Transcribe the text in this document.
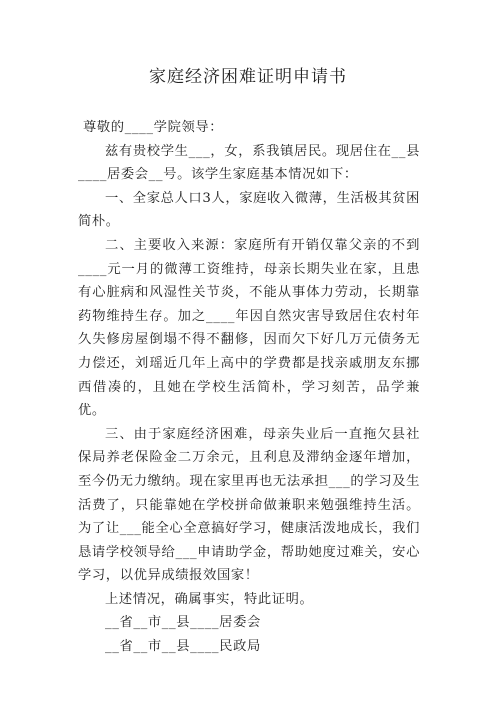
家庭经济困难证明申请书

尊敬的____学院领导：

兹有贵校学生___，女，系我镇居民。现居住在__县____居委会__号。该学生家庭基本情况如下：

一、全家总人口3人，家庭收入微薄，生活极其贫困简朴。

二、主要收入来源：家庭所有开销仅靠父亲的不到____元一月的微薄工资维持，母亲长期失业在家，且患有心脏病和风湿性关节炎，不能从事体力劳动，长期靠药物维持生存。加之____年因自然灾害导致居住农村年久失修房屋倒塌不得不翻修，因而欠下好几万元债务无力偿还，刘瑶近几年上高中的学费都是找亲戚朋友东挪西借凑的，且她在学校生活简朴，学习刻苦，品学兼优。

三、由于家庭经济困难，母亲失业后一直拖欠县社保局养老保险金二万余元，且利息及滞纳金逐年增加，至今仍无力缴纳。现在家里再也无法承担___的学习及生活费了，只能靠她在学校拼命做兼职来勉强维持生活。为了让___能全心全意搞好学习，健康活泼地成长，我们恳请学校领导给___申请助学金，帮助她度过难关，安心学习，以优异成绩报效国家！

上述情况，确属事实，特此证明。

__省__市__县____居委会

__省__市__县____民政局
